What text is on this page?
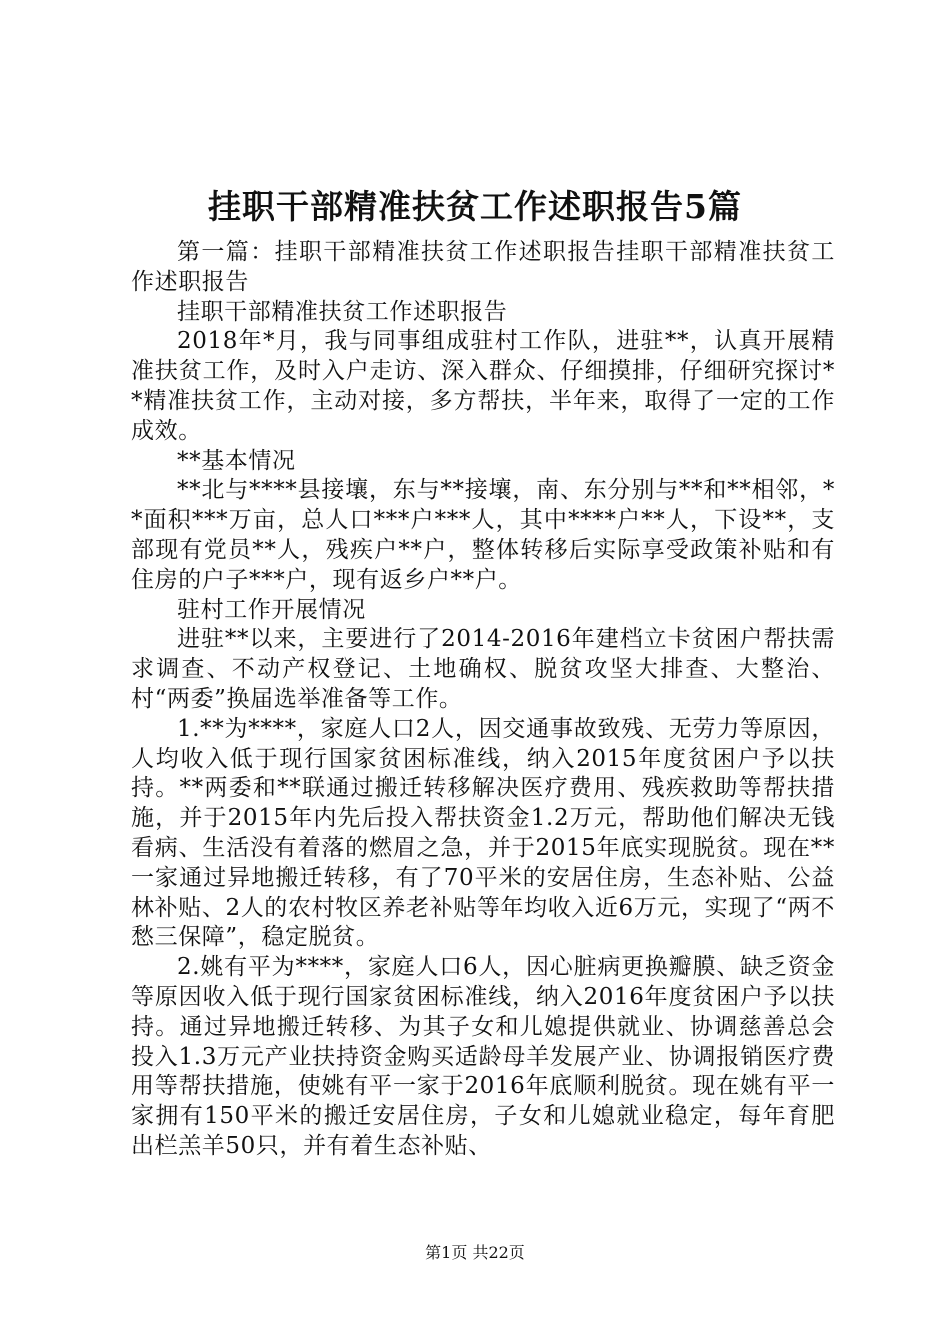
挂职干部精准扶贫工作述职报告5篇

第一篇：挂职干部精准扶贫工作述职报告挂职干部精准扶贫工作述职报告

挂职干部精准扶贫工作述职报告

2018年*月，我与同事组成驻村工作队，进驻**，认真开展精准扶贫工作，及时入户走访、深入群众、仔细摸排，仔细研究探讨**精准扶贫工作，主动对接，多方帮扶，半年来，取得了一定的工作成效。

**基本情况

**北与****县接壤，东与**接壤，南、东分别与**和**相邻，**面积***万亩，总人口***户***人，其中****户**人，下设**，支部现有党员**人，残疾户**户，整体转移后实际享受政策补贴和有住房的户子***户，现有返乡户**户。

驻村工作开展情况

进驻**以来，主要进行了2014-2016年建档立卡贫困户帮扶需求调查、不动产权登记、土地确权、脱贫攻坚大排查、大整治、村“两委”换届选举准备等工作。

1.**为****，家庭人口2人，因交通事故致残、无劳力等原因，人均收入低于现行国家贫困标准线，纳入2015年度贫困户予以扶持。**两委和**联通过搬迁转移解决医疗费用、残疾救助等帮扶措施，并于2015年内先后投入帮扶资金1.2万元，帮助他们解决无钱看病、生活没有着落的燃眉之急，并于2015年底实现脱贫。现在**一家通过异地搬迁转移，有了70平米的安居住房，生态补贴、公益林补贴、2人的农村牧区养老补贴等年均收入近6万元，实现了“两不愁三保障”，稳定脱贫。

2.姚有平为****，家庭人口6人，因心脏病更换瓣膜、缺乏资金等原因收入低于现行国家贫困标准线，纳入2016年度贫困户予以扶持。通过异地搬迁转移、为其子女和儿媳提供就业、协调慈善总会投入1.3万元产业扶持资金购买适龄母羊发展产业、协调报销医疗费用等帮扶措施，使姚有平一家于2016年底顺利脱贫。现在姚有平一家拥有150平米的搬迁安居住房，子女和儿媳就业稳定，每年育肥出栏羔羊50只，并有着生态补贴、

第1页 共22页
